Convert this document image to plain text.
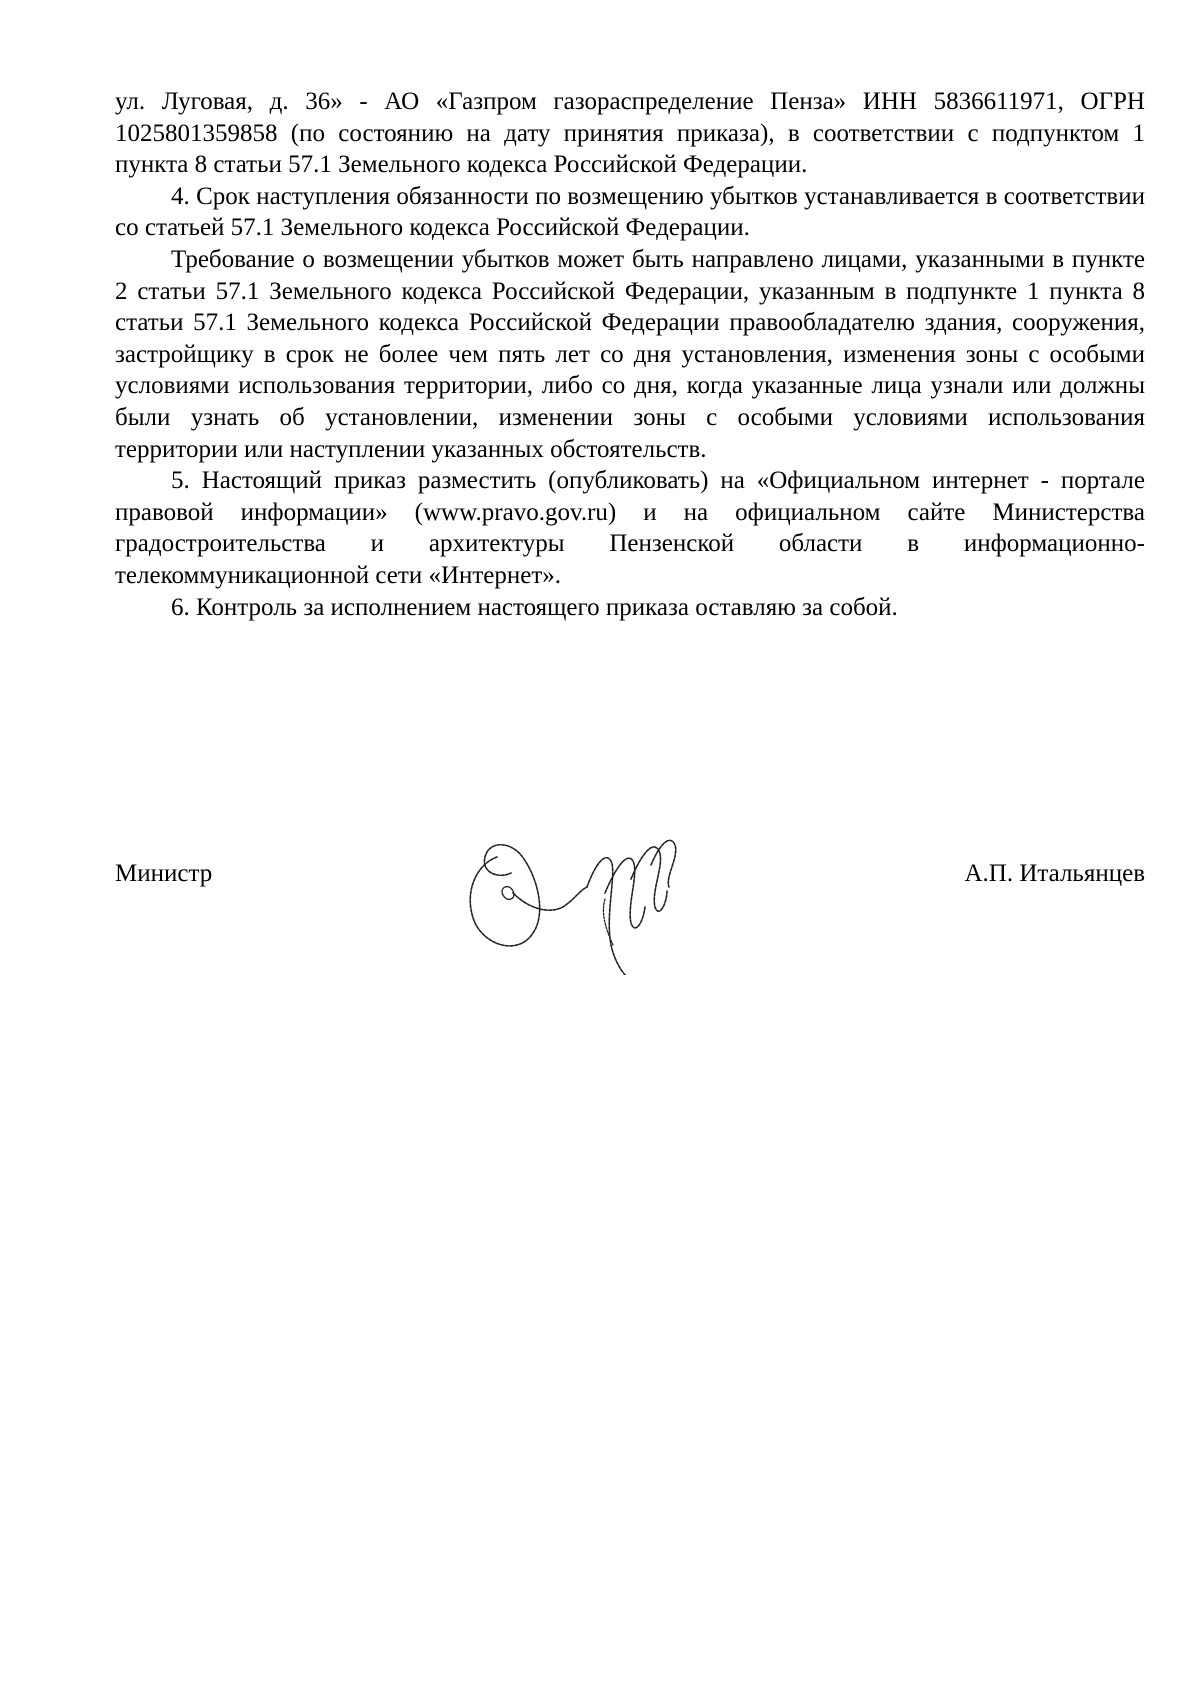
ул. Луговая, д. 36» - АО «Газпром газораспределение Пенза» ИНН 5836611971, ОГРН 1025801359858 (по состоянию на дату принятия приказа), в соответствии с подпунктом 1 пункта 8 статьи 57.1 Земельного кодекса Российской Федерации.

4. Срок наступления обязанности по возмещению убытков устанавливается в соответствии со статьей 57.1 Земельного кодекса Российской Федерации.

Требование о возмещении убытков может быть направлено лицами, указанными в пункте 2 статьи 57.1 Земельного кодекса Российской Федерации, указанным в подпункте 1 пункта 8 статьи 57.1 Земельного кодекса Российской Федерации правообладателю здания, сооружения, застройщику в срок не более чем пять лет со дня установления, изменения зоны с особыми условиями использования территории, либо со дня, когда указанные лица узнали или должны были узнать об установлении, изменении зоны с особыми условиями использования территории или наступлении указанных обстоятельств.

5. Настоящий приказ разместить (опубликовать) на «Официальном интернет - портале правовой информации» (www.pravo.gov.ru) и на официальном сайте Министерства градостроительства и архитектуры Пензенской области в информационно-телекоммуникационной сети «Интернет».

6. Контроль за исполнением настоящего приказа оставляю за собой.

Министр	А.П. Итальянцев
